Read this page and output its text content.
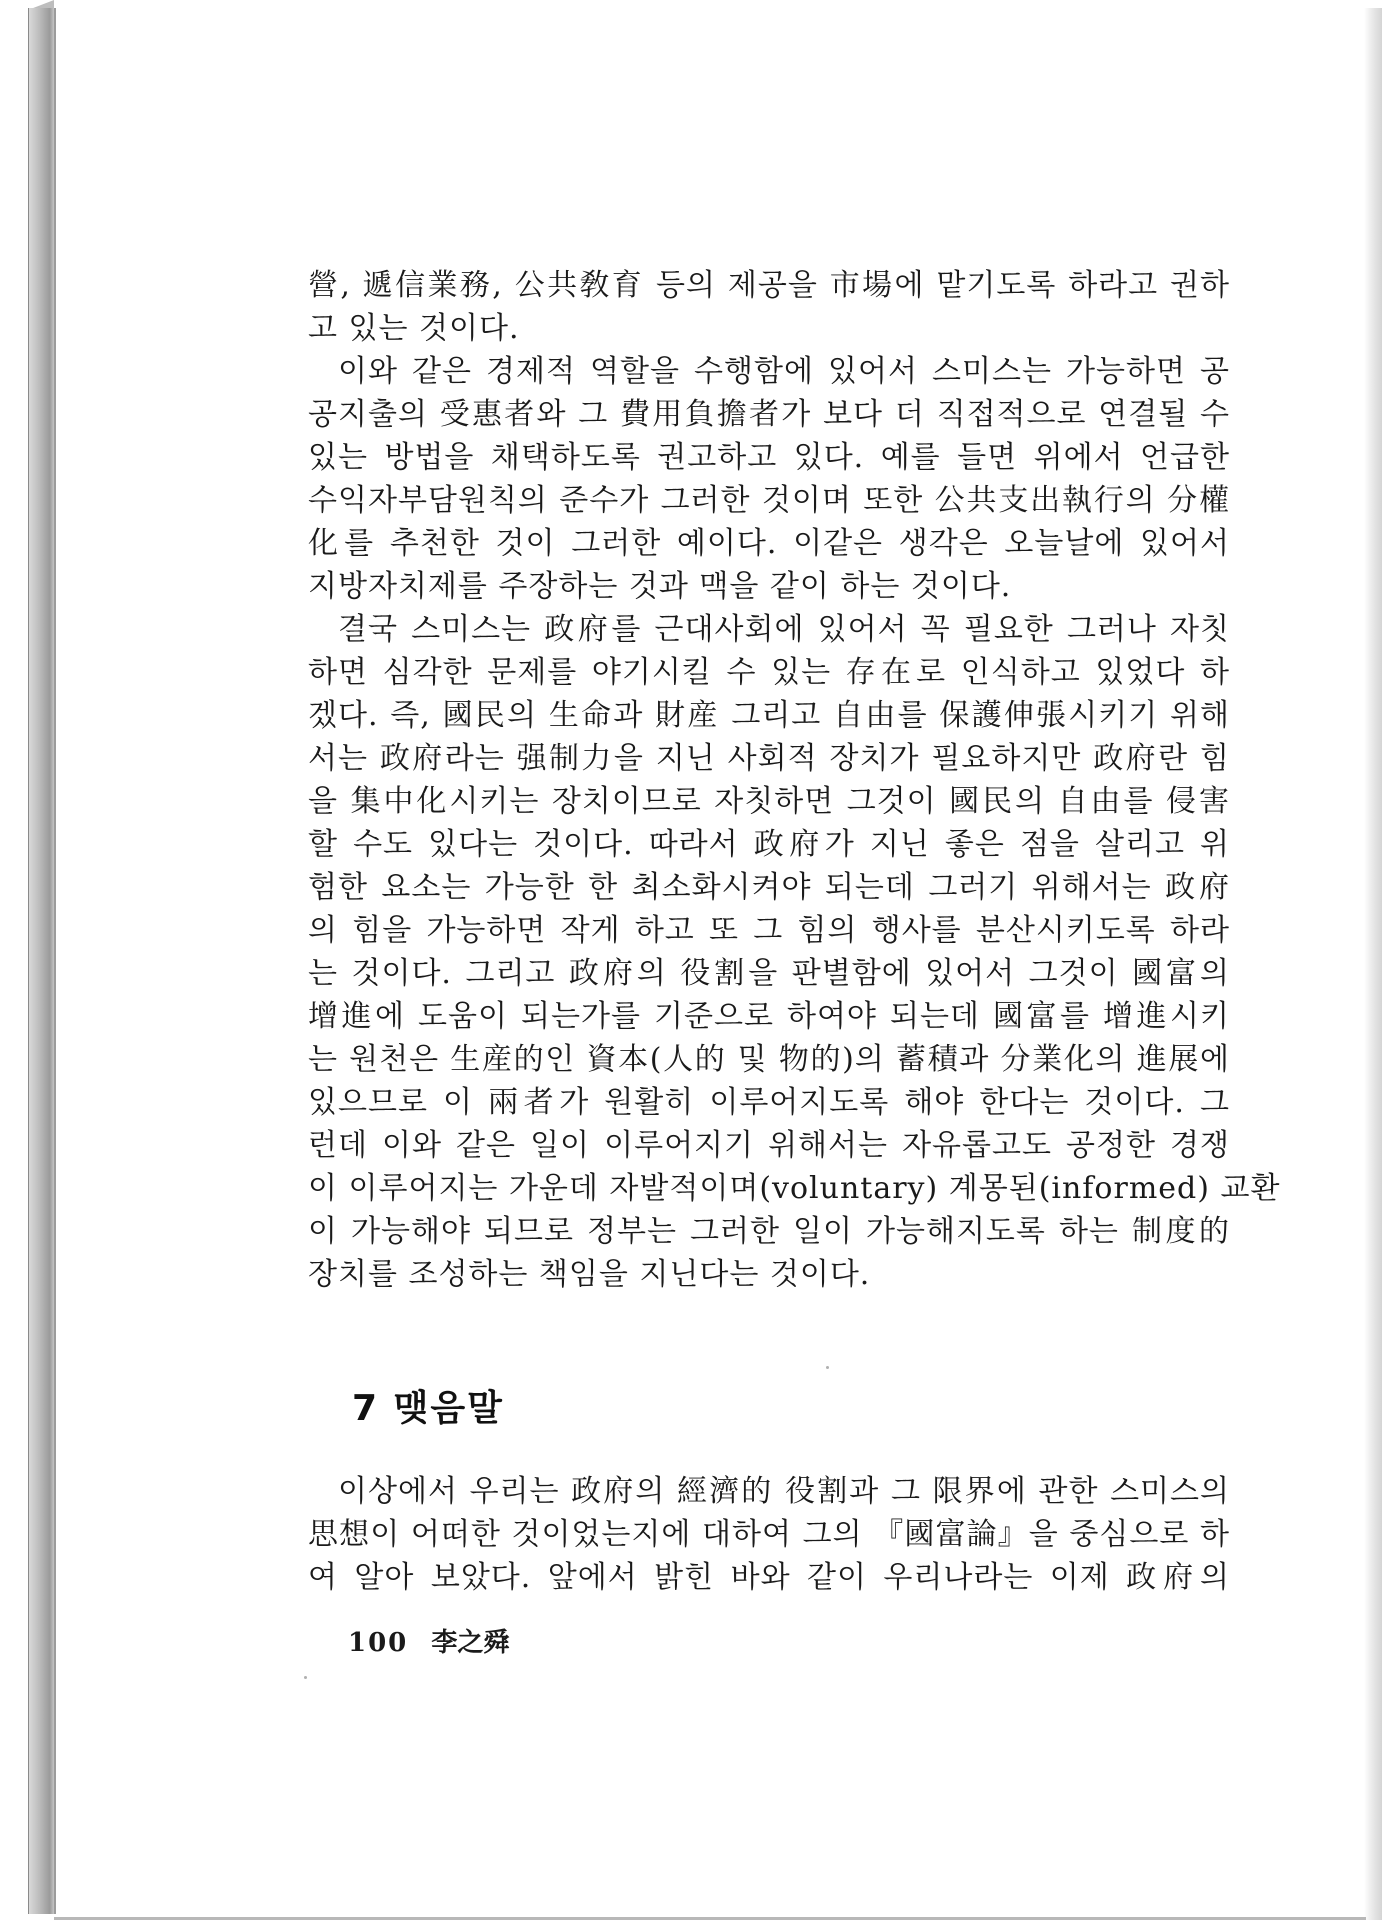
營, 遞信業務, 公共敎育 등의 제공을 市場에 맡기도록 하라고 권하
고 있는 것이다.

이와 같은 경제적 역할을 수행함에 있어서 스미스는 가능하면 공
공지출의 受惠者와 그 費用負擔者가 보다 더 직접적으로 연결될 수
있는 방법을 채택하도록 권고하고 있다. 예를 들면 위에서 언급한
수익자부담원칙의 준수가 그러한 것이며 또한 公共支出執行의 分權
化를 추천한 것이 그러한 예이다. 이같은 생각은 오늘날에 있어서
지방자치제를 주장하는 것과 맥을 같이 하는 것이다.

결국 스미스는 政府를 근대사회에 있어서 꼭 필요한 그러나 자칫
하면 심각한 문제를 야기시킬 수 있는 存在로 인식하고 있었다 하
겠다. 즉, 國民의 生命과 財産 그리고 自由를 保護伸張시키기 위해
서는 政府라는 强制力을 지닌 사회적 장치가 필요하지만 政府란 힘
을 集中化시키는 장치이므로 자칫하면 그것이 國民의 自由를 侵害
할 수도 있다는 것이다. 따라서 政府가 지닌 좋은 점을 살리고 위
험한 요소는 가능한 한 최소화시켜야 되는데 그러기 위해서는 政府
의 힘을 가능하면 작게 하고 또 그 힘의 행사를 분산시키도록 하라
는 것이다. 그리고 政府의 役割을 판별함에 있어서 그것이 國富의
增進에 도움이 되는가를 기준으로 하여야 되는데 國富를 增進시키
는 원천은 生産的인 資本(人的 및 物的)의 蓄積과 分業化의 進展에
있으므로 이 兩者가 원활히 이루어지도록 해야 한다는 것이다. 그
런데 이와 같은 일이 이루어지기 위해서는 자유롭고도 공정한 경쟁
이 이루어지는 가운데 자발적이며(voluntary) 계몽된(informed) 교환
이 가능해야 되므로 정부는 그러한 일이 가능해지도록 하는 制度的
장치를 조성하는 책임을 지닌다는 것이다.

7 맺음말

이상에서 우리는 政府의 經濟的 役割과 그 限界에 관한 스미스의
思想이 어떠한 것이었는지에 대하여 그의 『國富論』을 중심으로 하
여 알아 보았다. 앞에서 밝힌 바와 같이 우리나라는 이제 政府의

100 李之舜
